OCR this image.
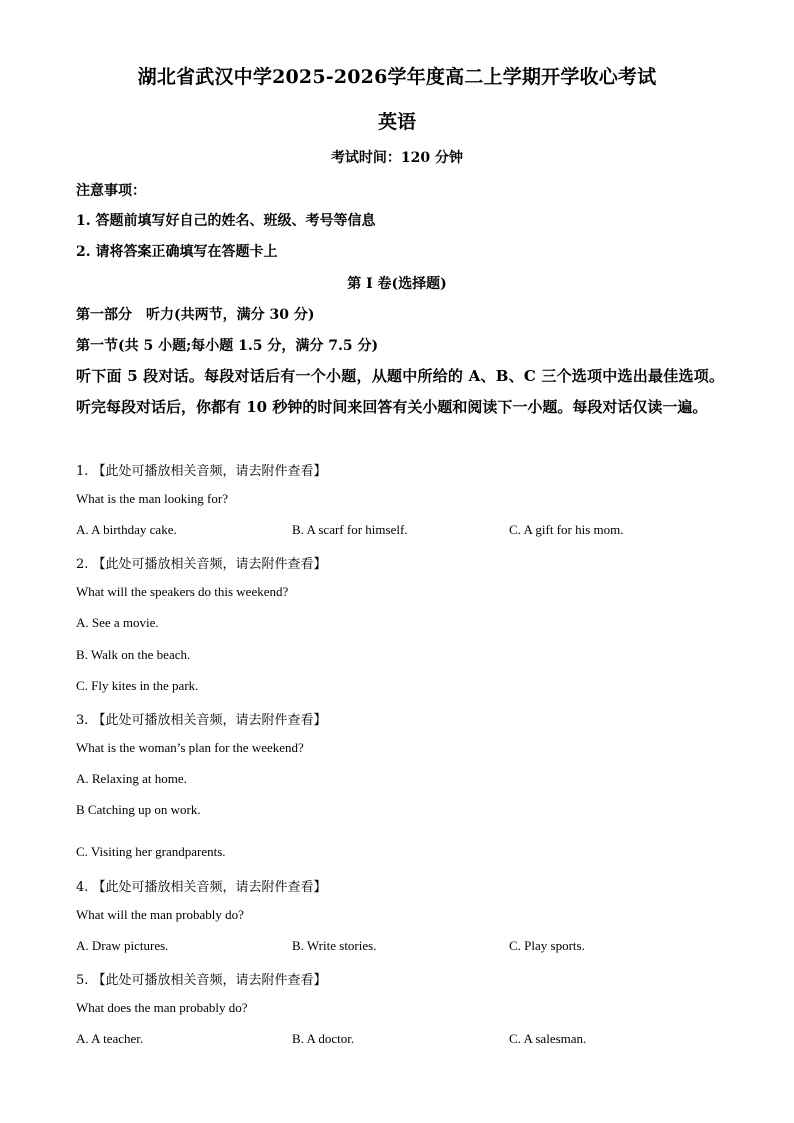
湖北省武汉中学2025-2026学年度高二上学期开学收心考试
英语
考试时间：120 分钟
注意事项：
1. 答题前填写好自己的姓名、班级、考号等信息
2. 请将答案正确填写在答题卡上
第 I 卷(选择题)
第一部分　听力(共两节，满分 30 分)
第一节(共 5 小题;每小题 1.5 分，满分 7.5 分)
听下面 5 段对话。每段对话后有一个小题，从题中所给的 A、B、C 三个选项中选出最佳选项。听完每段对话后，你都有 10 秒钟的时间来回答有关小题和阅读下一小题。每段对话仅读一遍。
1. 【此处可播放相关音频，请去附件查看】
What is the man looking for?
A. A birthday cake.	B. A scarf for himself.	C. A gift for his mom.
2. 【此处可播放相关音频，请去附件查看】
What will the speakers do this weekend?
A. See a movie.
B. Walk on the beach.
C. Fly kites in the park.
3. 【此处可播放相关音频，请去附件查看】
What is the woman’s plan for the weekend?
A. Relaxing at home.
B Catching up on work.
C. Visiting her grandparents.
4. 【此处可播放相关音频，请去附件查看】
What will the man probably do?
A. Draw pictures.	B. Write stories.	C. Play sports.
5. 【此处可播放相关音频，请去附件查看】
What does the man probably do?
A. A teacher.	B. A doctor.	C. A salesman.
